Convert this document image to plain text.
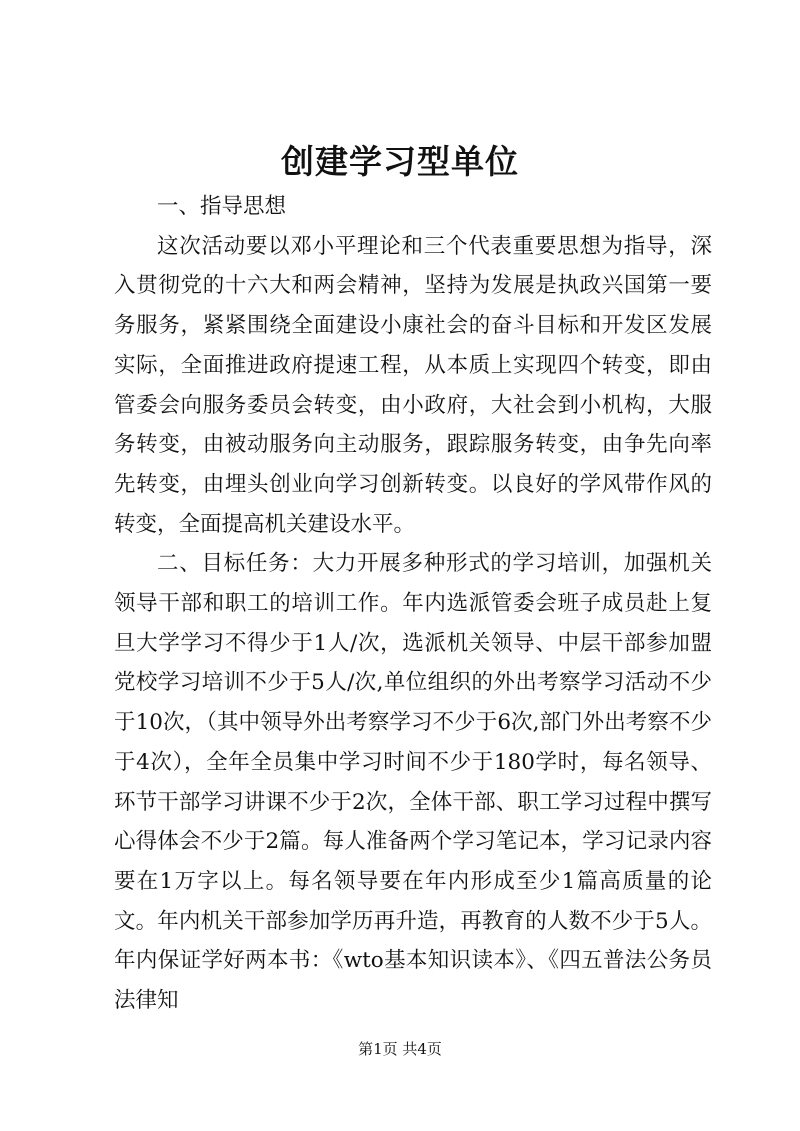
创建学习型单位

一、指导思想

这次活动要以邓小平理论和三个代表重要思想为指导，深入贯彻党的十六大和两会精神，坚持为发展是执政兴国第一要务服务，紧紧围绕全面建设小康社会的奋斗目标和开发区发展实际，全面推进政府提速工程，从本质上实现四个转变，即由管委会向服务委员会转变，由小政府，大社会到小机构，大服务转变，由被动服务向主动服务，跟踪服务转变，由争先向率先转变，由埋头创业向学习创新转变。以良好的学风带作风的转变，全面提高机关建设水平。

二、目标任务：大力开展多种形式的学习培训，加强机关领导干部和职工的培训工作。年内选派管委会班子成员赴上复旦大学学习不得少于1人/次，选派机关领导、中层干部参加盟党校学习培训不少于5人/次,单位组织的外出考察学习活动不少于10次，（其中领导外出考察学习不少于6次,部门外出考察不少于4次），全年全员集中学习时间不少于180学时，每名领导、环节干部学习讲课不少于2次，全体干部、职工学习过程中撰写心得体会不少于2篇。每人准备两个学习笔记本，学习记录内容要在1万字以上。每名领导要在年内形成至少1篇高质量的论文。年内机关干部参加学历再升造，再教育的人数不少于5人。年内保证学好两本书：《wto基本知识读本》、《四五普法公务员法律知

第1页 共4页
